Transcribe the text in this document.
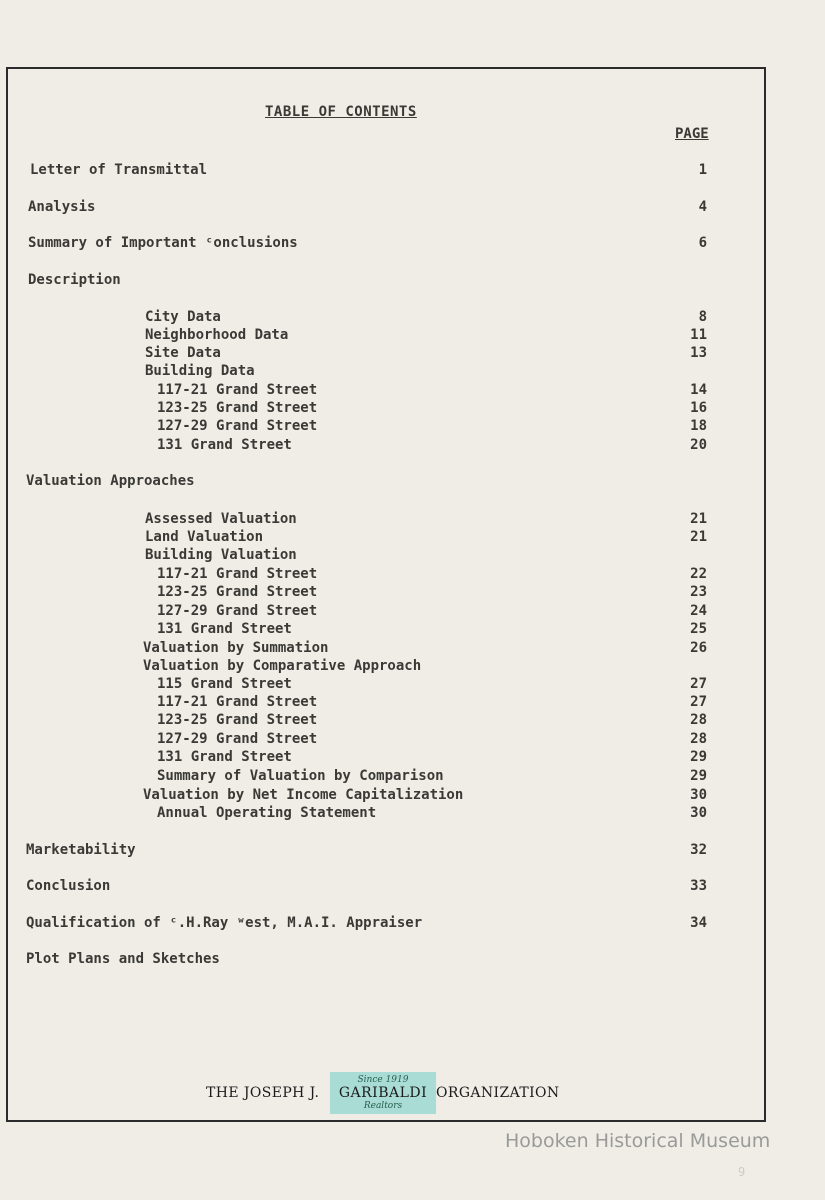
TABLE OF CONTENTS
PAGE
Letter of Transmittal	1
Analysis	4
Summary of Important ᶜonclusions	6
Description
City Data	8
Neighborhood Data	11
Site Data	13
Building Data
117-21 Grand Street	14
123-25 Grand Street	16
127-29 Grand Street	18
131 Grand Street	20
Valuation Approaches
Assessed Valuation	21
Land Valuation	21
Building Valuation
117-21 Grand Street	22
123-25 Grand Street	23
127-29 Grand Street	24
131 Grand Street	25
Valuation by Summation	26
Valuation by Comparative Approach
115 Grand Street	27
117-21 Grand Street	27
123-25 Grand Street	28
127-29 Grand Street	28
131 Grand Street	29
Summary of Valuation by Comparison	29
Valuation by Net Income Capitalization	30
Annual Operating Statement	30
Marketability	32
Conclusion	33
Qualification of ᶜ.H.Ray ʷest, M.A.I. Appraiser	34
Plot Plans and Sketches
THE JOSEPH J.
Since 1919
GARIBALDI
Realtors
ORGANIZATION
Hoboken Historical Museum
9
